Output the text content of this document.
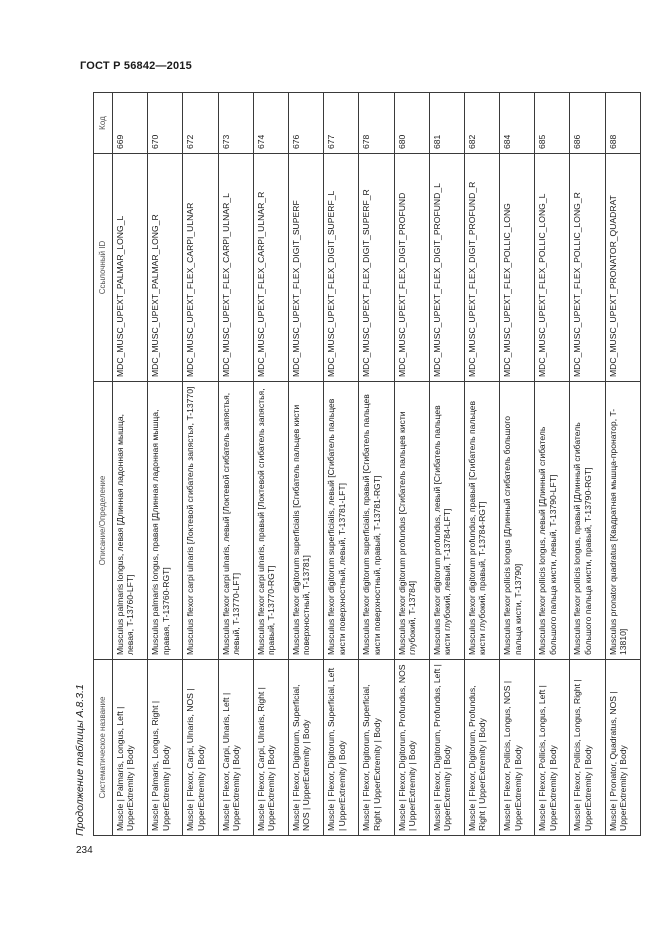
ГОСТ Р 56842—2015
Продолжение таблицы А.8.3.1	Систематическое название	Описание/Определение	Ссылочный ID	Код
Muscle | Palmaris, Longus, Left | UpperExtremity | Body	Musculus palmaris longus, левая [Длинная ладонная мышца, левая, T-13760-LFT]	MDC_MUSC_UPEXT_PALMAR_LONG_L	669
Muscle | Palmaris, Longus, Right | UpperExtremity | Body	Musculus palmaris longus, правая [Длинная ладонная мышца, правая, T-13760-RGT]	MDC_MUSC_UPEXT_PALMAR_LONG_R	670
Muscle | Flexor, Carpi, Ulnaris, NOS | UpperExtremity | Body	Musculus flexor carpi ulnaris [Локтевой сгибатель запястья, T-13770]	MDC_MUSC_UPEXT_FLEX_CARPI_ULNAR	672
Muscle | Flexor, Carpi, Ulnaris, Left | UpperExtremity | Body	Musculus flexor carpi ulnaris, левый [Локтевой сгибатель запястья, левый, T-13770-LFT]	MDC_MUSC_UPEXT_FLEX_CARPI_ULNAR_L	673
Muscle | Flexor, Carpi, Ulnaris, Right | UpperExtremity | Body	Musculus flexor carpi ulnaris, правый [Локтевой сгибатель запястья, правый, T-13770-RGT]	MDC_MUSC_UPEXT_FLEX_CARPI_ULNAR_R	674
Muscle | Flexor, Digitorum, Superficial, NOS | UpperExtremity | Body	Musculus flexor digitorum superficialis [Сгибатель пальцев кисти поверхностный, T-13781]	MDC_MUSC_UPEXT_FLEX_DIGIT_SUPERF	676
Muscle | Flexor, Digitorum, Superficial, Left | UpperExtremity | Body	Musculus flexor digitorum superficialis, левый [Сгибатель пальцев кисти поверхностный, левый, T-13781-LFT]	MDC_MUSC_UPEXT_FLEX_DIGIT_SUPERF_L	677
Muscle | Flexor, Digitorum, Superficial, Right | UpperExtremity | Body	Musculus flexor digitorum superficialis, правый [Сгибатель пальцев кисти поверхностный, правый, T-13781-RGT]	MDC_MUSC_UPEXT_FLEX_DIGIT_SUPERF_R	678
Muscle | Flexor, Digitorum, Profundus, NOS | UpperExtremity | Body	Musculus flexor digitorum profundus [Сгибатель пальцев кисти глубокий, T-13784]	MDC_MUSC_UPEXT_FLEX_DIGIT_PROFUND	680
Muscle | Flexor, Digitorum, Profundus, Left | UpperExtremity | Body	Musculus flexor digitorum profundus, левый [Сгибатель пальцев кисти глубокий, левый, T-13784-LFT]	MDC_MUSC_UPEXT_FLEX_DIGIT_PROFUND_L	681
Muscle | Flexor, Digitorum, Profundus, Right | UpperExtremity | Body	Musculus flexor digitorum profundus, правый [Сгибатель пальцев кисти глубокий, правый, T-13784-RGT]	MDC_MUSC_UPEXT_FLEX_DIGIT_PROFUND_R	682
Muscle | Flexor, Pollicis, Longus, NOS | UpperExtremity | Body	Musculus flexor pollicis longus [Длинный сгибатель большого пальца кисти, T-13790]	MDC_MUSC_UPEXT_FLEX_POLLIC_LONG	684
Muscle | Flexor, Pollicis, Longus, Left | UpperExtremity | Body	Musculus flexor pollicis longus, левый [Длинный сгибатель большого пальца кисти, левый, T-13790-LFT]	MDC_MUSC_UPEXT_FLEX_POLLIC_LONG_L	685
Muscle | Flexor, Pollicis, Longus, Right | UpperExtremity | Body	Musculus flexor pollicis longus, правый [Длинный сгибатель большого пальца кисти, правый, T-13790-RGT]	MDC_MUSC_UPEXT_FLEX_POLLIC_LONG_R	686
Muscle | Pronator, Quadratus, NOS | UpperExtremity | Body	Musculus pronator quadratus [Квадратная мышца-пронатор, T-13810]	MDC_MUSC_UPEXT_PRONATOR_QUADRAT	688
234
